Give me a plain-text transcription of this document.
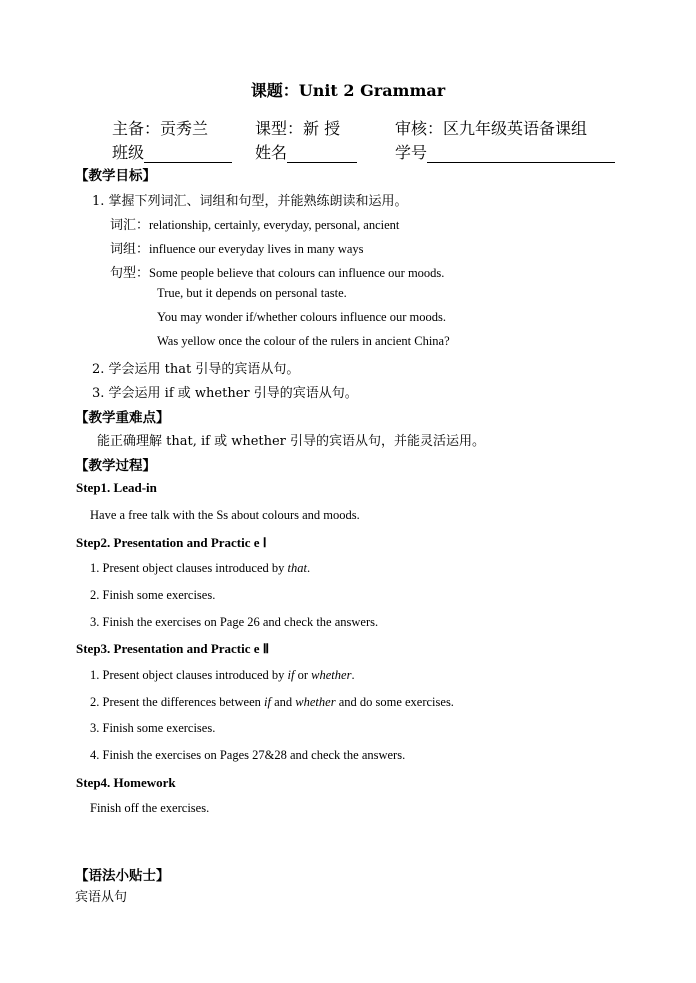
课题：Unit 2 Grammar
主备：贡秀兰	课型：新 授	审核：区九年级英语备课组
班级	姓名	学号
【教学目标】
1. 掌握下列词汇、词组和句型，并能熟练朗读和运用。
词汇：relationship, certainly, everyday, personal, ancient
词组：influence our everyday lives in many ways
句型：Some people believe that colours can influence our moods.
True, but it depends on personal taste.
You may wonder if/whether colours influence our moods.
Was yellow once the colour of the rulers in ancient China?
2. 学会运用 that 引导的宾语从句。
3. 学会运用 if 或 whether 引导的宾语从句。
【教学重难点】
能正确理解 that, if 或 whether 引导的宾语从句，并能灵活运用。
【教学过程】
Step1. Lead-in
Have a free talk with the Ss about colours and moods.
Step2. Presentation and Practic e Ⅰ
1. Present object clauses introduced by that.
2. Finish some exercises.
3. Finish the exercises on Page 26 and check the answers.
Step3. Presentation and Practic e Ⅱ
1. Present object clauses introduced by if or whether.
2. Present the differences between if and whether and do some exercises.
3. Finish some exercises.
4. Finish the exercises on Pages 27&28 and check the answers.
Step4. Homework
Finish off the exercises.
【语法小贴士】
宾语从句
